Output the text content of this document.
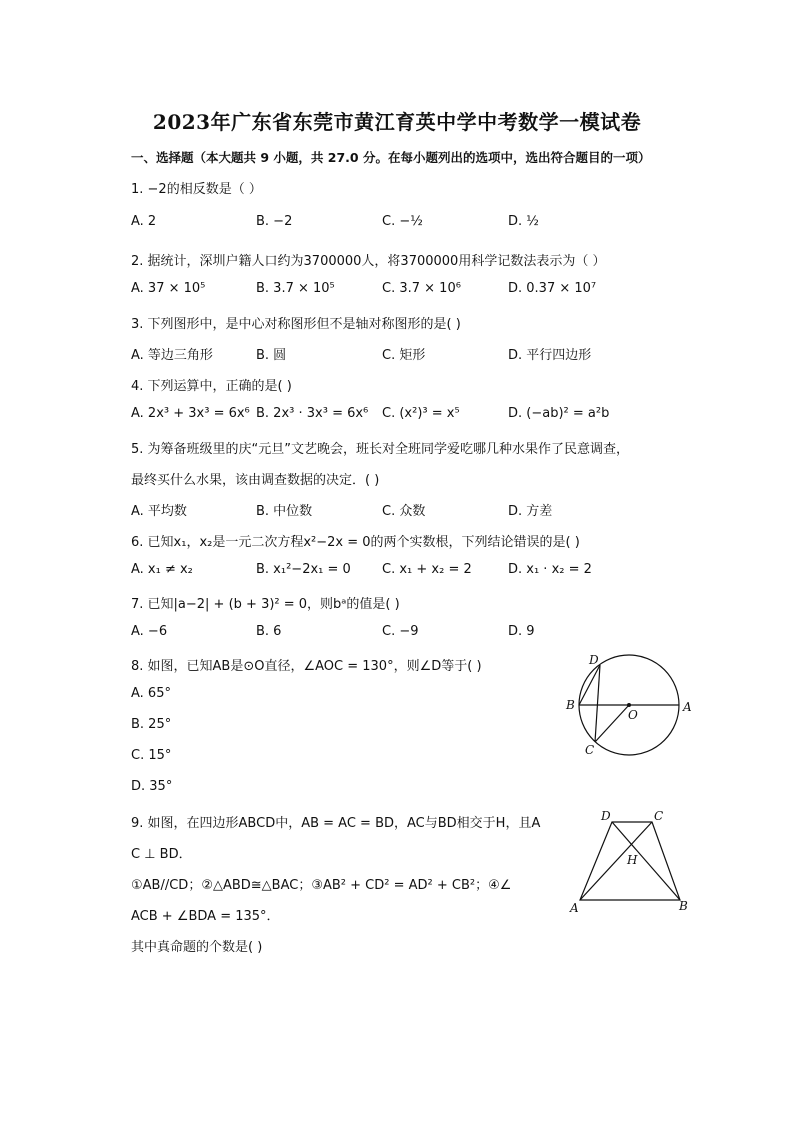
2023年广东省东莞市黄江育英中学中考数学一模试卷
一、选择题（本大题共 9 小题，共 27.0 分。在每小题列出的选项中，选出符合题目的一项）
1. −2的相反数是（ ）
A. 2	B. −2	C. −½	D. ½
2. 据统计，深圳户籍人口约为3700000人，将3700000用科学记数法表示为（ ）
A. 37 × 10⁵	B. 3.7 × 10⁵	C. 3.7 × 10⁶	D. 0.37 × 10⁷
3. 下列图形中，是中心对称图形但不是轴对称图形的是( )
A. 等边三角形	B. 圆	C. 矩形	D. 平行四边形
4. 下列运算中，正确的是( )
A. 2x³ + 3x³ = 6x⁶ B. 2x³ · 3x³ = 6x⁶ C. (x²)³ = x⁵	D. (−ab)² = a²b
5. 为筹备班级里的庆“元旦”文艺晚会，班长对全班同学爱吃哪几种水果作了民意调查，
最终买什么水果，该由调查数据的决定．( )
A. 平均数	B. 中位数	C. 众数	D. 方差
6. 已知x₁，x₂是一元二次方程x²−2x = 0的两个实数根，下列结论错误的是( )
A. x₁ ≠ x₂	B. x₁²−2x₁ = 0 C. x₁ + x₂ = 2	D. x₁ · x₂ = 2
7. 已知|a−2| + (b + 3)² = 0，则bᵃ的值是( )
A. −6	B. 6	C. −9	D. 9
8. 如图，已知AB是⊙O直径，∠AOC = 130°，则∠D等于( )
A. 65°
B. 25°
C. 15°
D. 35°
D
B
O
A
C
9. 如图，在四边形ABCD中，AB = AC = BD，AC与BD相交于H，且A
C ⊥ BD．
①AB//CD；②△ABD≅△BAC；③AB² + CD² = AD² + CB²；④∠
ACB + ∠BDA = 135°．
其中真命题的个数是( )
D	C
H
A	B
